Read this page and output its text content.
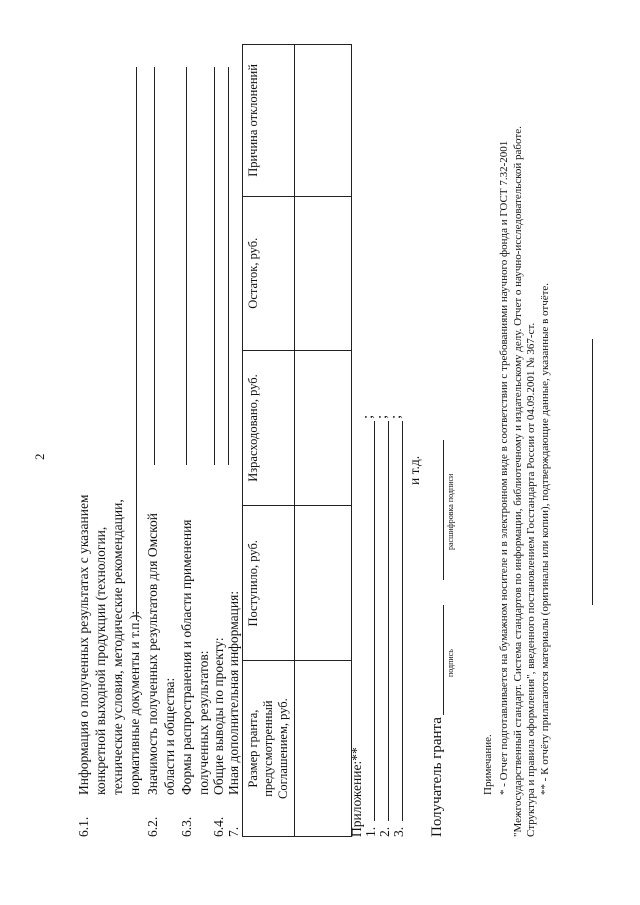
2
6.1.
Информация о полученных результатах с указанием конкретной выходной продукции (технологии, технические условия, методические рекомендации, нормативные документы и т.п.):
6.2.
Значимость полученных результатов для Омской области и общества:
6.3.
Формы распространения и области применения полученных результатов:
6.4.
Общие выводы по проекту:
7.
Иная дополнительная информация: Размер гранта, предусмотренный Соглашением, руб.	Поступило, руб.	Израсходовано, руб.	Остаток, руб.	Причина отклонений

Приложение:** 1.
;
2.
;
3.
;
и т.д.
Получатель гранта
подпись
расшифровка подписи
Примечание. * - Отчет подготавливается на бумажном носителе и в электронном виде в соответствии с требованиями научного фонда и ГОСТ 7.32-2001 "Межгосударственный стандарт. Система стандартов по информации, библиотечному и издательскому делу. Отчет о научно-исследовательской работе. Структура и правила оформления", введенного постановлением Госстандарта России от 04.09.2001 № 367-ст. ** - К отчёту прилагаются материалы (оригиналы или копии), подтверждающие данные, указанные в отчёте.
